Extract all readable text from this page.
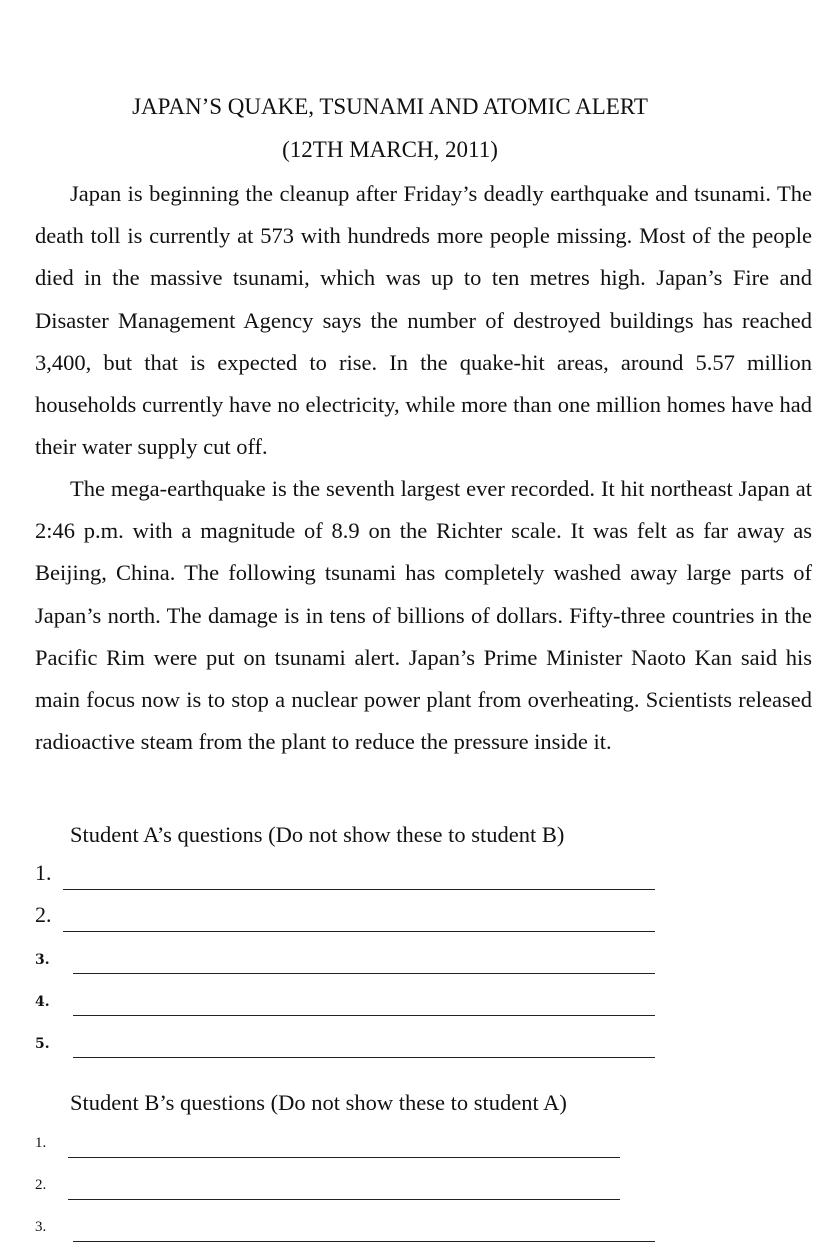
JAPAN’S QUAKE, TSUNAMI AND ATOMIC ALERT
(12TH MARCH, 2011)

Japan is beginning the cleanup after Friday’s deadly earthquake and tsunami. The death toll is currently at 573 with hundreds more people missing. Most of the people died in the massive tsunami, which was up to ten metres high. Japan’s Fire and Disaster Management Agency says the number of destroyed buildings has reached 3,400, but that is expected to rise. In the quake-hit areas, around 5.57 million households currently have no electricity, while more than one million homes have had their water supply cut off.

The mega-earthquake is the seventh largest ever recorded. It hit northeast Japan at 2:46 p.m. with a magnitude of 8.9 on the Richter scale. It was felt as far away as Beijing, China. The following tsunami has completely washed away large parts of Japan’s north. The damage is in tens of billions of dollars. Fifty-three countries in the Pacific Rim were put on tsunami alert. Japan’s Prime Minister Naoto Kan said his main focus now is to stop a nuclear power plant from overheating. Scientists released radioactive steam from the plant to reduce the pressure inside it.

Student A’s questions (Do not show these to student B)
1.
2.
3.
4.
5.
Student B’s questions (Do not show these to student A)
1.
2.
3.
